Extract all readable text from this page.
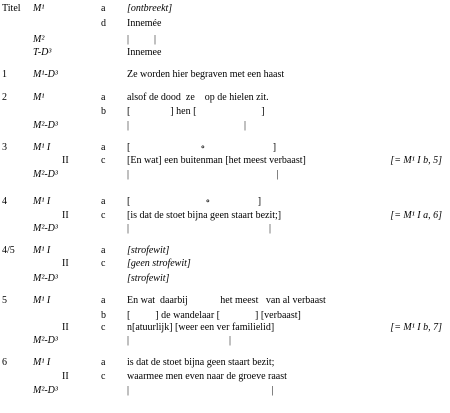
Titel M¹	a [ontbreekt]
d Innemée
M²	|          |
T-D³	Innemee
1	M¹-D³	Ze worden hier begraven met een haast
2	M¹	a alsof de dood  ze    op de hielen zit.
b [                ] hen [                          ]
M²-D³	|                                              |
3	M¹ I	a [                            ∘                           ]
II	c [En wat] een buitenman [het meest verbaast]	[= M¹ I b, 5]
M²-D³	|                                                           |
4	M¹ I	a [                              ∘                   ]
II	c [is dat de stoet bijna geen staart bezit;]	[= M¹ I a, 6]
M²-D³	|                                                        |
4/5 M¹ I	a [strofewit]
II	c [geen strofewit]
M²-D³	[strofewit]
5	M¹ I	a En wat  daarbij             het meest   van al verbaast
b [          ] de wandelaar [              ] [verbaast]
II	c n[atuurlijk] [weer een ver familielid]	[= M¹ I b, 7]
M²-D³	|                                        |
6	M¹ I	a is dat de stoet bijna geen staart bezit;
II	c waarmee men even naar de groeve raast
M²-D³	|                                                         |
